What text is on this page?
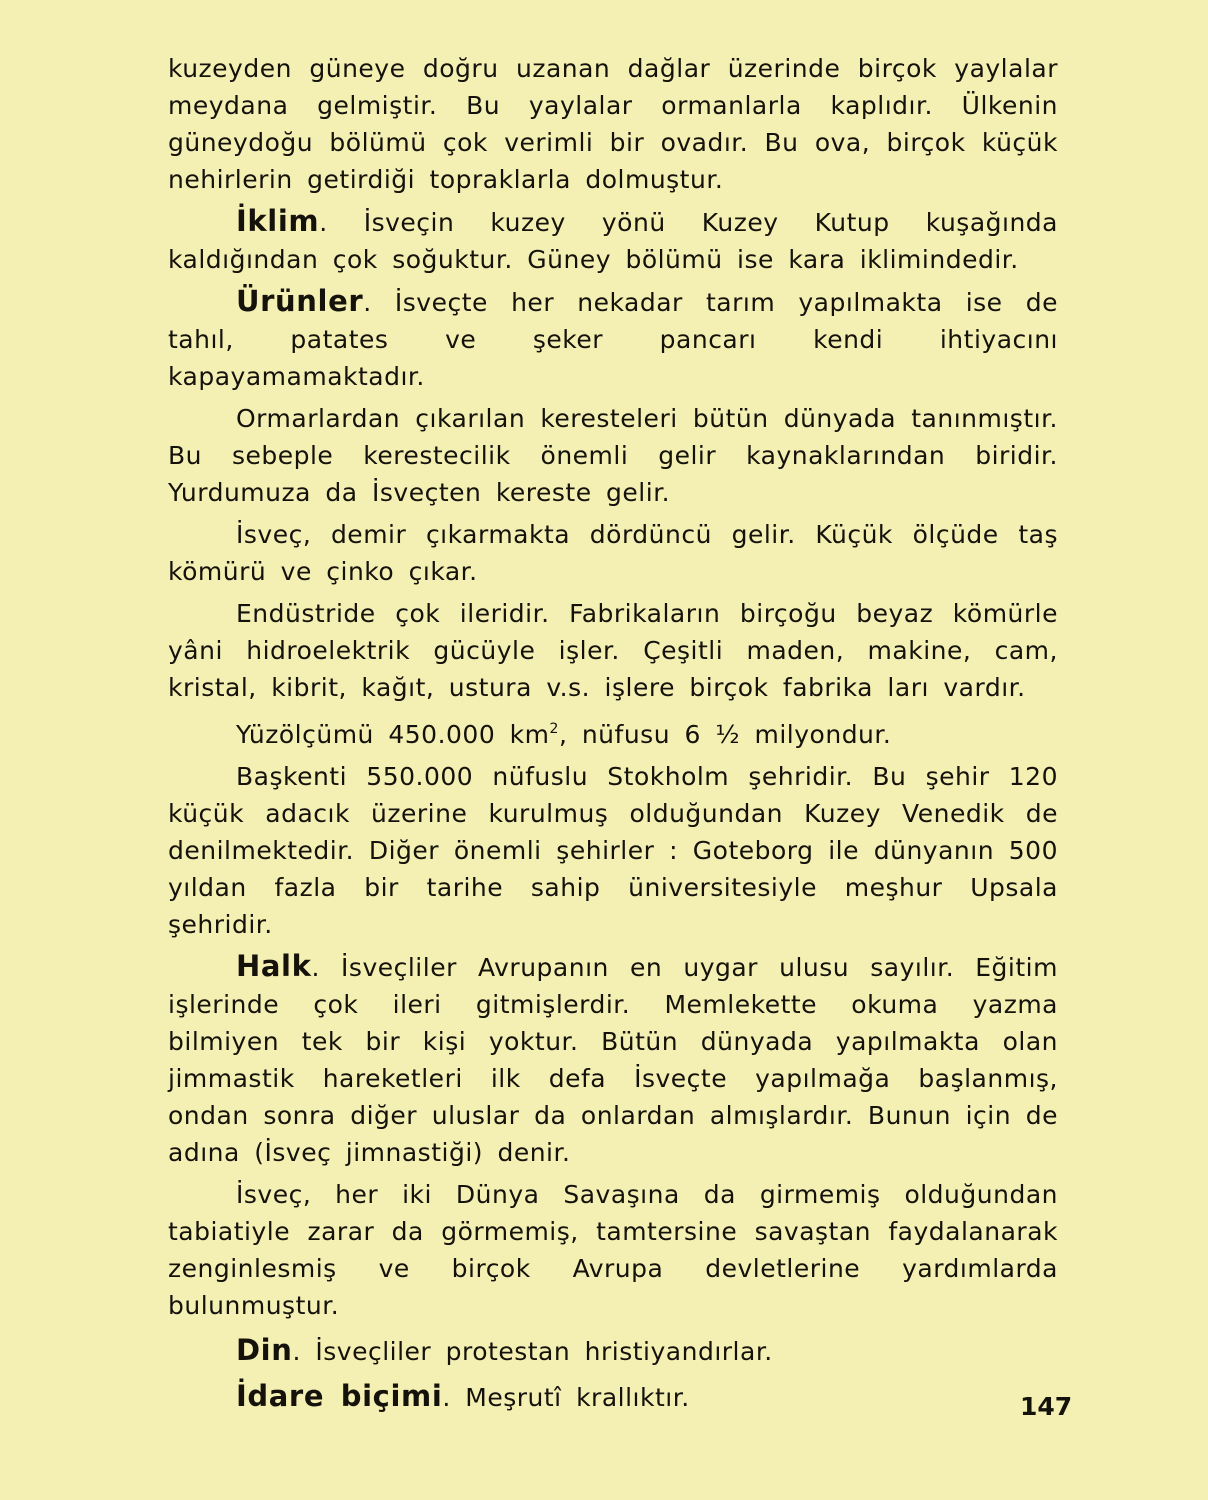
kuzeyden güneye doğru uzanan dağlar üzerinde birçok yaylalar meydana gelmiştir. Bu yaylalar ormanlarla kaplıdır. Ülkenin güneydoğu bölümü çok verimli bir ovadır. Bu ova, birçok küçük nehirlerin getirdiği topraklarla dolmuştur.

İklim. İsveçin kuzey yönü Kuzey Kutup kuşağında kaldığından çok soğuktur. Güney bölümü ise kara iklimindedir.

Ürünler. İsveçte her nekadar tarım yapılmakta ise de tahıl, patates ve şeker pancarı kendi ihtiyacını kapayamamaktadır.

Ormarlardan çıkarılan keresteleri bütün dünyada tanınmıştır. Bu sebeple kerestecilik önemli gelir kaynaklarından biridir. Yurdumuza da İsveçten kereste gelir.

İsveç, demir çıkarmakta dördüncü gelir. Küçük ölçüde taş kömürü ve çinko çıkar.

Endüstride çok ileridir. Fabrikaların birçoğu beyaz kömürle yâni hidroelektrik gücüyle işler. Çeşitli maden, makine, cam, kristal, kibrit, kağıt, ustura v.s. işlere birçok fabrika ları vardır.

Yüzölçümü 450.000 $km^2$, nüfusu 6 ½ milyondur.

Başkenti 550.000 nüfuslu Stokholm şehridir. Bu şehir 120 küçük adacık üzerine kurulmuş olduğundan Kuzey Venedik de denilmektedir. Diğer önemli şehirler : Goteborg ile dünyanın 500 yıldan fazla bir tarihe sahip üniversitesiyle meşhur Upsala şehridir.

Halk. İsveçliler Avrupanın en uygar ulusu sayılır. Eğitim işlerinde çok ileri gitmişlerdir. Memlekette okuma yazma bilmiyen tek bir kişi yoktur. Bütün dünyada yapılmakta olan jimmastik hareketleri ilk defa İsveçte yapılmağa başlanmış, ondan sonra diğer uluslar da onlardan almışlardır. Bunun için de adına (İsveç jimnastiği) denir.

İsveç, her iki Dünya Savaşına da girmemiş olduğundan tabiatiyle zarar da görmemiş, tamtersine savaştan faydalanarak zenginlesmiş ve birçok Avrupa devletlerine yardımlarda bulunmuştur.

Din. İsveçliler protestan hristiyandırlar.

İdare biçimi. Meşrutî krallıktır.	147
